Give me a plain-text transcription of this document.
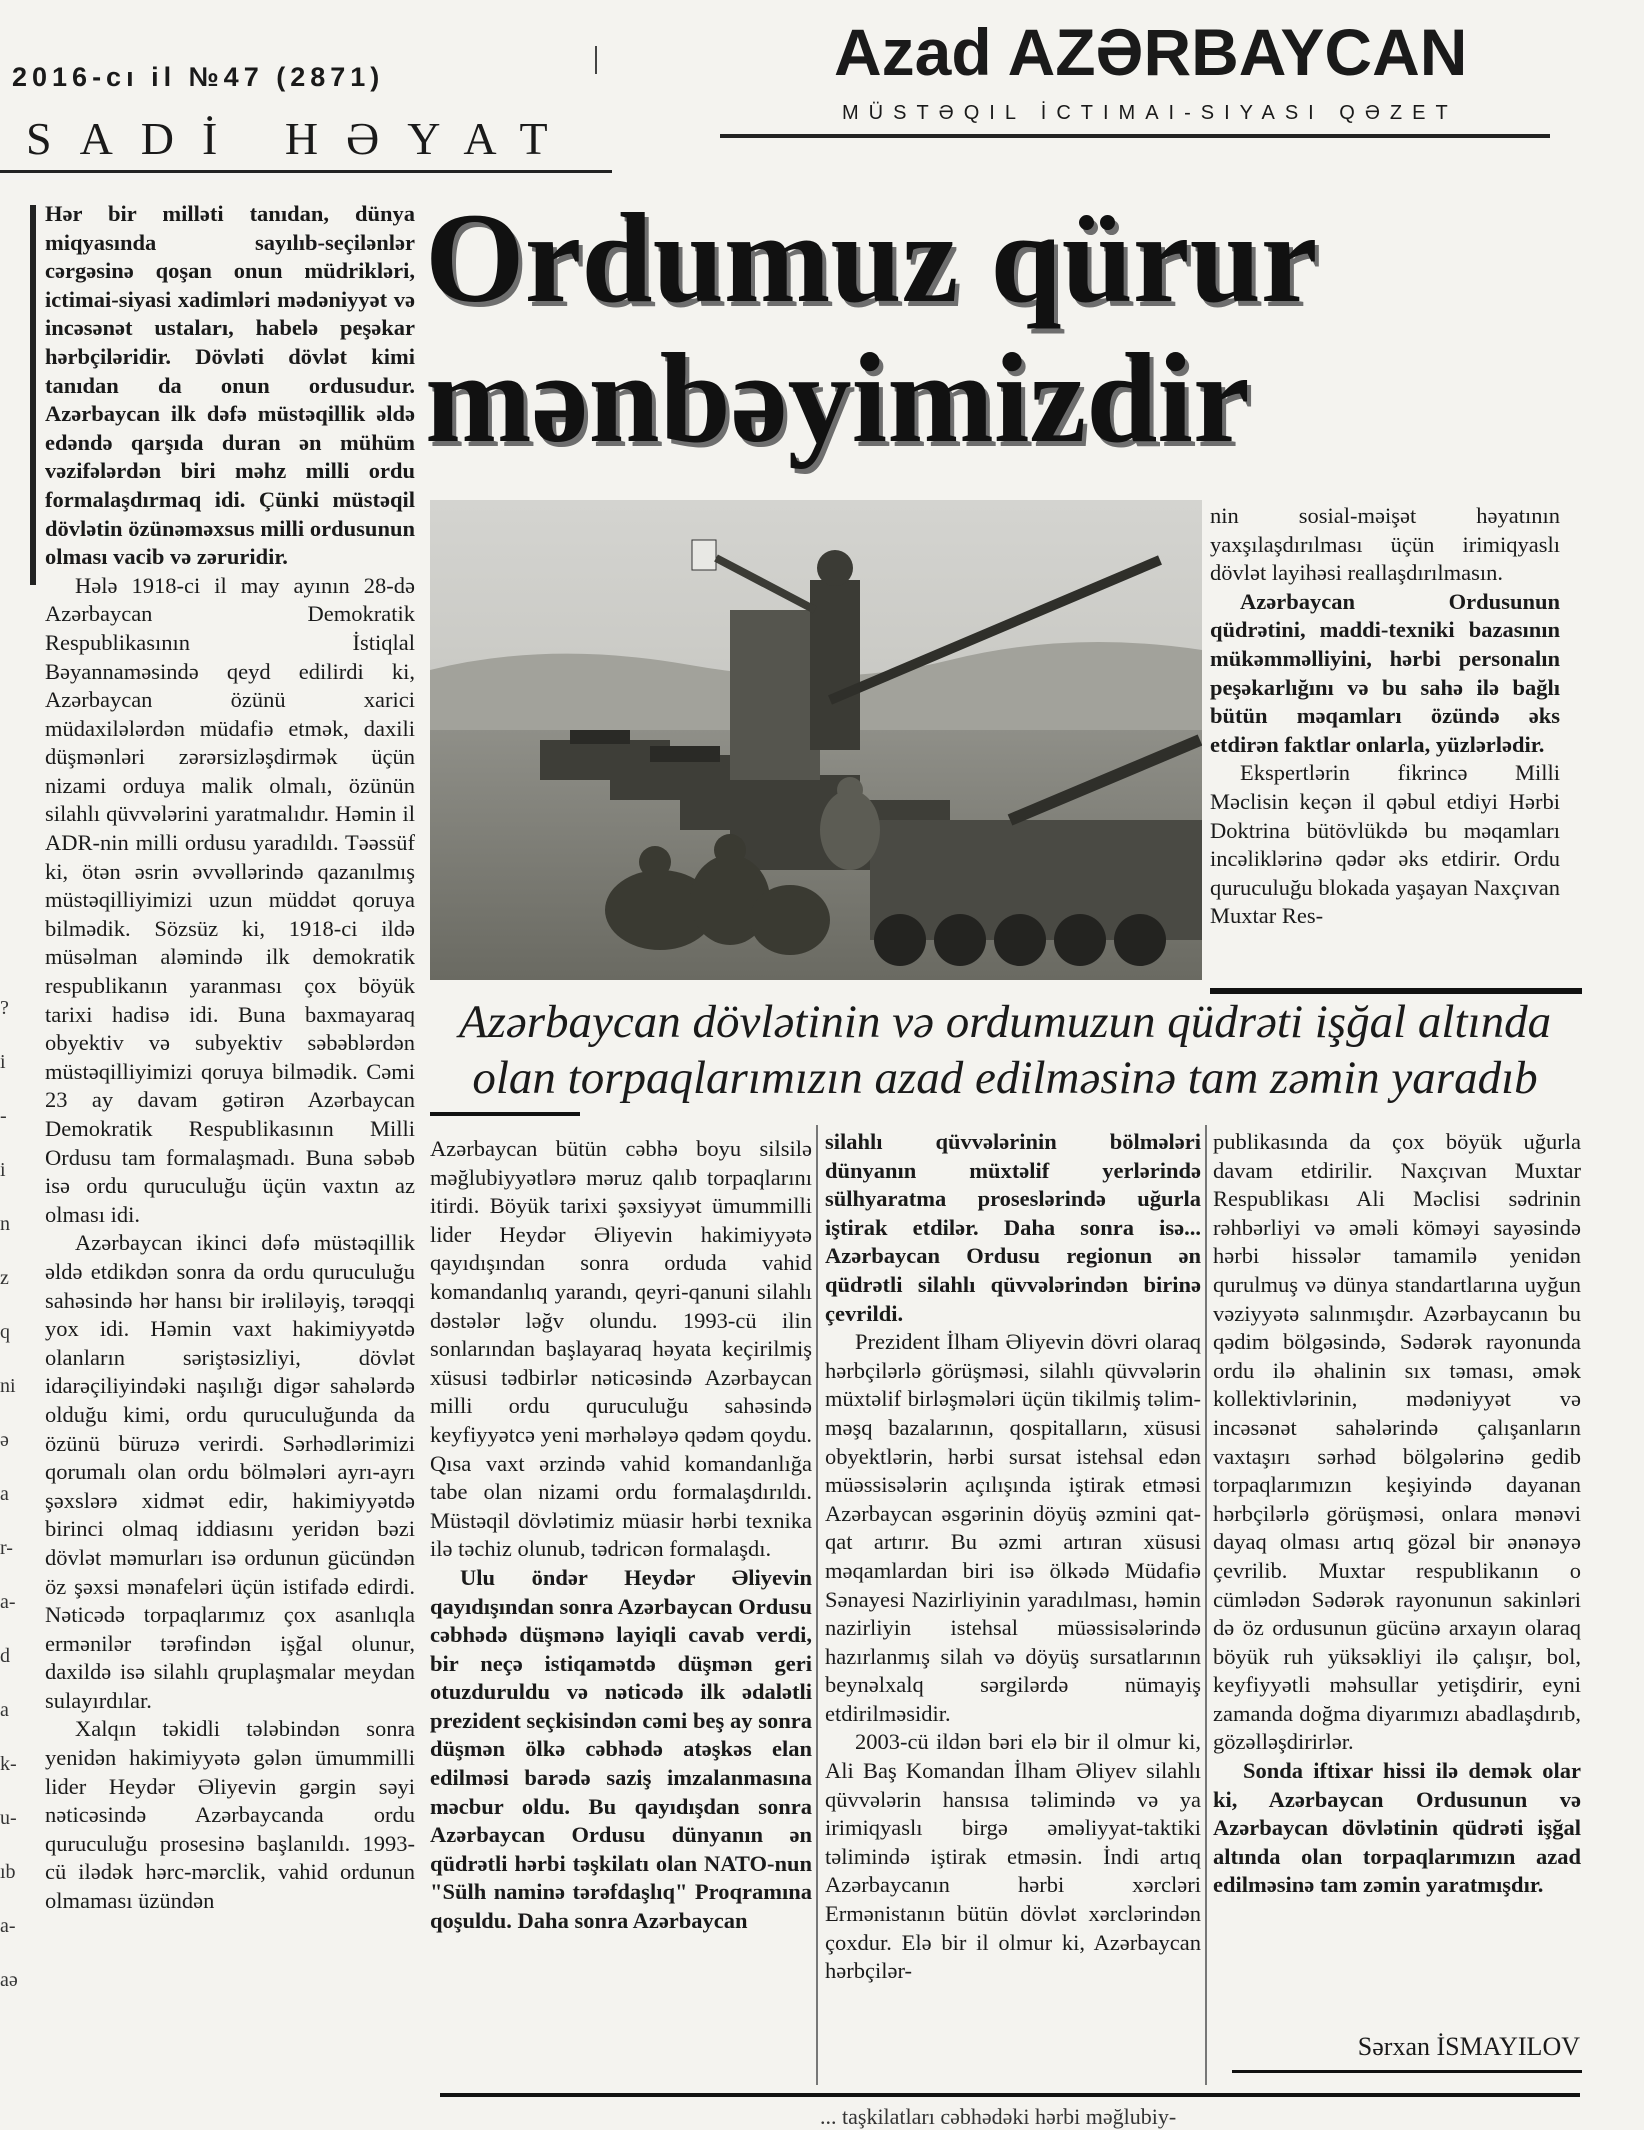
2016-cı il №47 (2871)
SADİ HƏYAT
Azad AZƏRBAYCAN
MÜSTƏQIL İCTIMAI-SIYASI QƏZET
?
i
-
i
n
z
q
ni
ə
a
r-
a-
d
a
k-
u-
ıb
a-
aə
Ordumuz qürur mənbəyimizdir

Hər bir milləti tanıdan, dünya miqyasında sayılıb-seçilənlər cərgəsinə qoşan onun müdrikləri, ictimai-siyasi xadimləri mədəniyyət və incəsənət ustaları, habelə peşəkar hərbçiləridir. Dövləti dövlət kimi tanıdan da onun ordusudur. Azərbaycan ilk dəfə müstəqillik əldə edəndə qarşıda duran ən mühüm vəzifələrdən biri məhz milli ordu formalaşdırmaq idi. Çünki müstəqil dövlətin özünəməxsus milli ordusunun olması vacib və zəruridir.

Hələ 1918-ci il may ayının 28-də Azərbaycan Demokratik Respublikasının İstiqlal Bəyannaməsində qeyd edilirdi ki, Azərbaycan özünü xarici müdaxilələrdən müdafiə etmək, daxili düşmənləri zərərsizləşdirmək üçün nizami orduya malik olmalı, özünün silahlı qüvvələrini yaratmalıdır. Həmin il ADR-nin milli ordusu yaradıldı. Təəssüf ki, ötən əsrin əvvəllərində qazanılmış müstəqilliyimizi uzun müddət qoruya bilmədik. Sözsüz ki, 1918-ci ildə müsəlman aləmində ilk demokratik respublikanın yaranması çox böyük tarixi hadisə idi. Buna baxmayaraq obyektiv və subyektiv səbəblərdən müstəqilliyimizi qoruya bilmədik. Cəmi 23 ay davam gətirən Azərbaycan Demokratik Respublikasının Milli Ordusu tam formalaşmadı. Buna səbəb isə ordu quruculuğu üçün vaxtın az olması idi.

Azərbaycan ikinci dəfə müstəqillik əldə etdikdən sonra da ordu quruculuğu sahəsində hər hansı bir irəliləyiş, tərəqqi yox idi. Həmin vaxt hakimiyyətdə olanların səriştəsizliyi, dövlət idarəçiliyindəki naşılığı digər sahələrdə olduğu kimi, ordu quruculuğunda da özünü büruzə verirdi. Sərhədlərimizi qorumalı olan ordu bölmələri ayrı-ayrı şəxslərə xidmət edir, hakimiyyətdə birinci olmaq iddiasını yeridən bəzi dövlət məmurları isə ordunun gücündən öz şəxsi mənafeləri üçün istifadə edirdi. Nəticədə torpaqlarımız çox asanlıqla ermənilər tərəfindən işğal olunur, daxildə isə silahlı qruplaşmalar meydan sulayırdılar.

Xalqın təkidli tələbindən sonra yenidən hakimiyyətə gələn ümummilli lider Heydər Əliyevin gərgin səyi nəticəsində Azərbaycanda ordu quruculuğu prosesinə başlanıldı. 1993-cü ilədək hərc-mərclik, vahid ordunun olmaması üzündən

nin sosial-məişət həyatının yaxşılaşdırılması üçün irimiqyaslı dövlət layihəsi reallaşdırılmasın.

Azərbaycan Ordusunun qüdrətini, maddi-texniki bazasının mükəmməlliyini, hərbi personalın peşəkarlığını və bu sahə ilə bağlı bütün məqamları özündə əks etdirən faktlar onlarla, yüzlərlədir.

Ekspertlərin fikrincə Milli Məclisin keçən il qəbul etdiyi Hərbi Doktrina bütövlükdə bu məqamları incəliklərinə qədər əks etdirir. Ordu quruculuğu blokada yaşayan Naxçıvan Muxtar Res-

Azərbaycan dövlətinin və ordumuzun qüdrəti işğal altında olan torpaqlarımızın azad edilməsinə tam zəmin yaradıb

Azərbaycan bütün cəbhə boyu silsilə məğlubiyyətlərə məruz qalıb torpaqlarını itirdi. Böyük tarixi şəxsiyyət ümummilli lider Heydər Əliyevin hakimiyyətə qayıdışından sonra orduda vahid komandanlıq yarandı, qeyri-qanuni silahlı dəstələr ləğv olundu. 1993-cü ilin sonlarından başlayaraq həyata keçirilmiş xüsusi tədbirlər nəticəsində Azərbaycan milli ordu quruculuğu sahəsində keyfiyyətcə yeni mərhələyə qədəm qoydu. Qısa vaxt ərzində vahid komandanlığa tabe olan nizami ordu formalaşdırıldı. Müstəqil dövlətimiz müasir hərbi texnika ilə təchiz olunub, tədricən formalaşdı.

Ulu öndər Heydər Əliyevin qayıdışından sonra Azərbaycan Ordusu cəbhədə düşmənə layiqli cavab verdi, bir neçə istiqamətdə düşmən geri otuzduruldu və nəticədə ilk ədalətli prezident seçkisindən cəmi beş ay sonra düşmən ölkə cəbhədə atəşkəs elan edilməsi barədə saziş imzalanmasına məcbur oldu. Bu qayıdışdan sonra Azərbaycan Ordusu dünyanın ən qüdrətli hərbi təşkilatı olan NATO-nun "Sülh naminə tərəfdaşlıq" Proqramına qoşuldu. Daha sonra Azərbaycan

silahlı qüvvələrinin bölmələri dünyanın müxtəlif yerlərində sülhyaratma proseslərində uğurla iştirak etdilər. Daha sonra isə... Azərbaycan Ordusu regionun ən qüdrətli silahlı qüvvələrindən birinə çevrildi.

Prezident İlham Əliyevin dövri olaraq hərbçilərlə görüşməsi, silahlı qüvvələrin müxtəlif birləşmələri üçün tikilmiş təlim-məşq bazalarının, qospitalların, xüsusi obyektlərin, hərbi sursat istehsal edən müəssisələrin açılışında iştirak etməsi Azərbaycan əsgərinin döyüş əzmini qat-qat artırır. Bu əzmi artıran xüsusi məqamlardan biri isə ölkədə Müdafiə Sənayesi Nazirliyinin yaradılması, həmin nazirliyin istehsal müəssisələrində hazırlanmış silah və döyüş sursatlarının beynəlxalq sərgilərdə nümayiş etdirilməsidir.

2003-cü ildən bəri elə bir il olmur ki, Ali Baş Komandan İlham Əliyev silahlı qüvvələrin hansısa təlimində və ya irimiqyaslı birgə əməliyyat-taktiki təlimində iştirak etməsin. İndi artıq Azərbaycanın hərbi xərcləri Ermənistanın bütün dövlət xərclərindən çoxdur. Elə bir il olmur ki, Azərbaycan hərbçilər-

publikasında da çox böyük uğurla davam etdirilir. Naxçıvan Muxtar Respublikası Ali Məclisi sədrinin rəhbərliyi və əməli köməyi sayəsində hərbi hissələr tamamilə yenidən qurulmuş və dünya standartlarına uyğun vəziyyətə salınmışdır. Azərbaycanın bu qədim bölgəsində, Sədərək rayonunda ordu ilə əhalinin sıx təması, əmək kollektivlərinin, mədəniyyət və incəsənət sahələrində çalışanların vaxtaşırı sərhəd bölgələrinə gedib torpaqlarımızın keşiyində dayanan hərbçilərlə görüşməsi, onlara mənəvi dayaq olması artıq gözəl bir ənənəyə çevrilib. Muxtar respublikanın o cümlədən Sədərək rayonunun sakinləri də öz ordusunun gücünə arxayın olaraq böyük ruh yüksəkliyi ilə çalışır, bol, keyfiyyətli məhsullar yetişdirir, eyni zamanda doğma diyarımızı abadlaşdırıb, gözəlləşdirirlər.

Sonda iftixar hissi ilə demək olar ki, Azərbaycan Ordusunun və Azərbaycan dövlətinin qüdrəti işğal altında olan torpaqlarımızın azad edilməsinə tam zəmin yaratmışdır.

Sərxan İSMAYILOV
... taşkilatları cəbhədəki hərbi məğlubiy-
